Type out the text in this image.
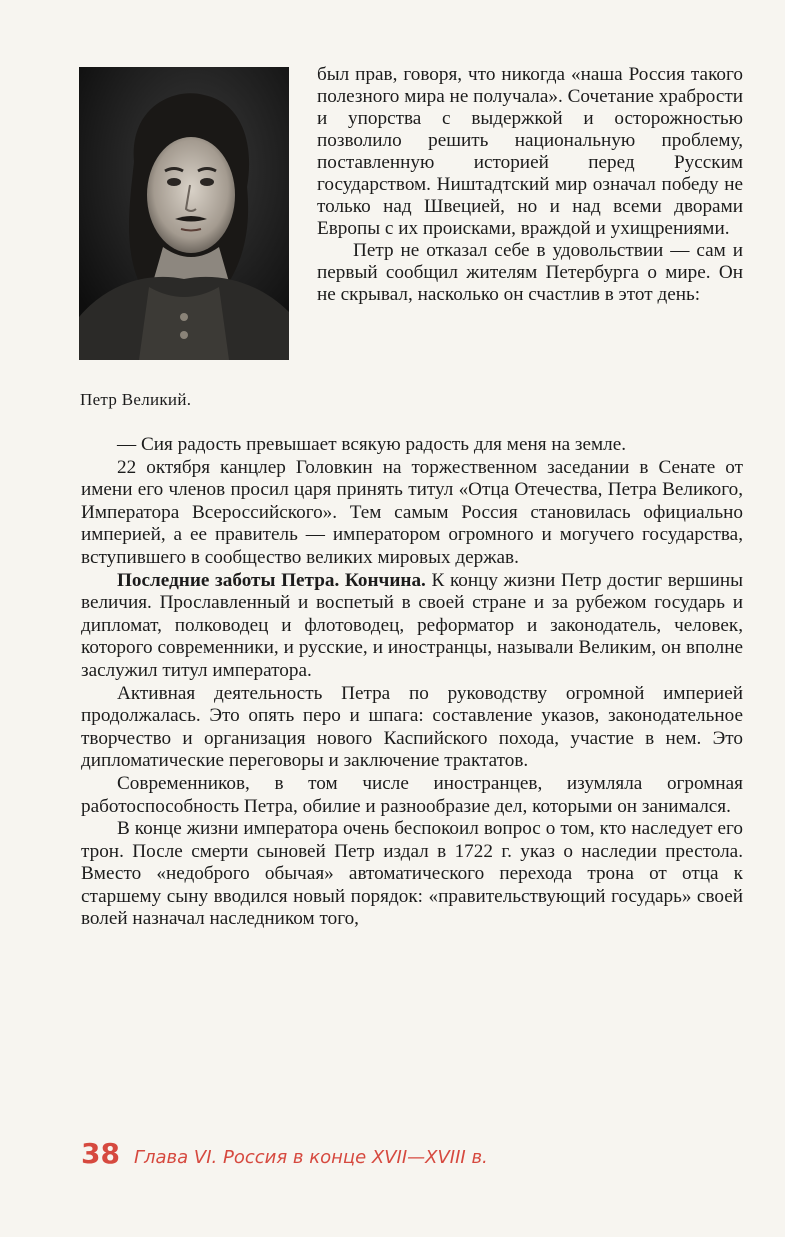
Петр Великий.

был прав, говоря, что никогда «наша Россия такого полезного мира не получала». Сочетание храбрости и упорства с выдержкой и осторожностью позволило решить национальную проблему, поставленную историей перед Русским государством. Ништадтский мир означал победу не только над Швецией, но и над всеми дворами Европы с их происками, враждой и ухищрениями.

Петр не отказал себе в удовольствии — сам и первый сообщил жителям Петербурга о мире. Он не скрывал, насколько он счастлив в этот день:

— Сия радость превышает всякую радость для меня на земле.

22 октября канцлер Головкин на торжественном заседании в Сенате от имени его членов просил царя принять титул «Отца Отечества, Петра Великого, Императора Всероссийского». Тем самым Россия становилась официально империей, а ее правитель — императором огромного и могучего государства, вступившего в сообщество великих мировых держав.

Последние заботы Петра. Кончина. К концу жизни Петр достиг вершины величия. Прославленный и воспетый в своей стране и за рубежом государь и дипломат, полководец и флотоводец, реформатор и законодатель, человек, которого современники, и русские, и иностранцы, называли Великим, он вполне заслужил титул императора.

Активная деятельность Петра по руководству огромной империей продолжалась. Это опять перо и шпага: составление указов, законодательное творчество и организация нового Каспийского похода, участие в нем. Это дипломатические переговоры и заключение трактатов.

Современников, в том числе иностранцев, изумляла огромная работоспособность Петра, обилие и разнообразие дел, которыми он занимался.

В конце жизни императора очень беспокоил вопрос о том, кто наследует его трон. После смерти сыновей Петр издал в 1722 г. указ о наследии престола. Вместо «недоброго обычая» автоматического перехода трона от отца к старшему сыну вводился новый порядок: «правительствующий государь» своей волей назначал наследником того,

38 Глава VI. Россия в конце XVII—XVIII в.
